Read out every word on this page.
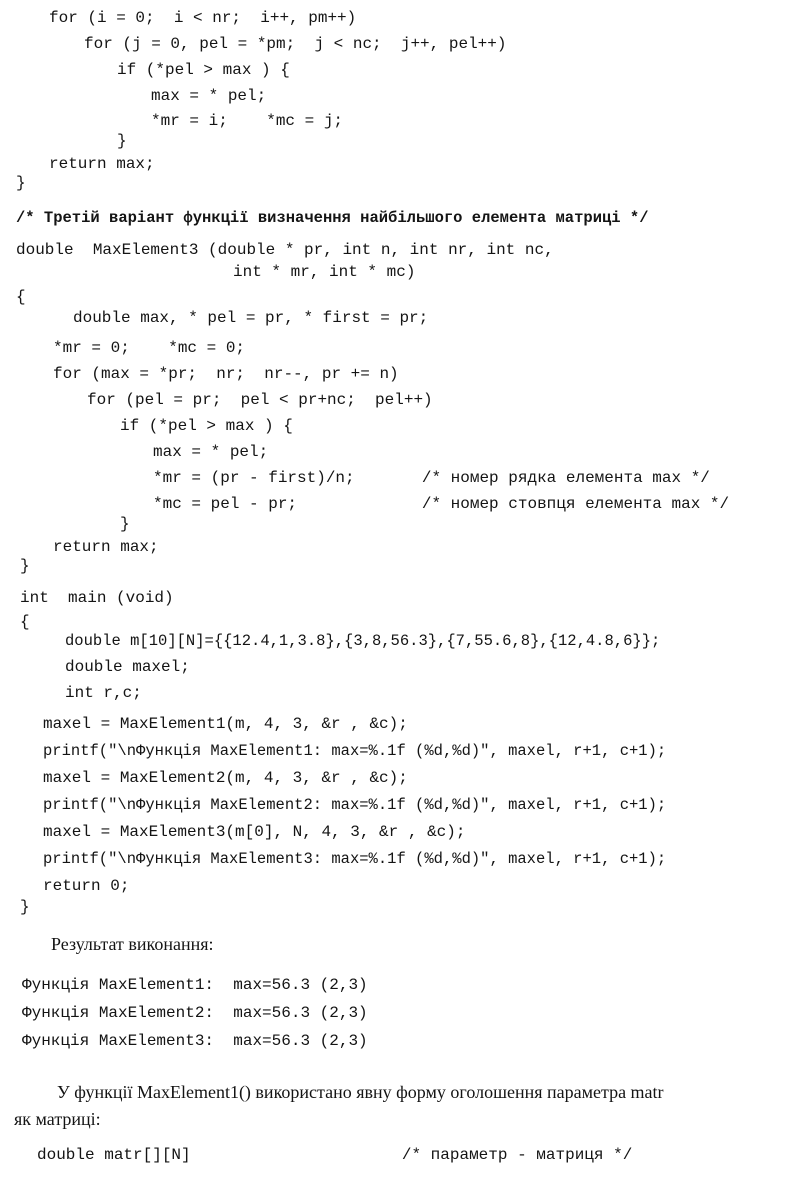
for (i = 0;  i < nr;  i++, pm++)
for (j = 0, pel = *pm;  j < nc;  j++, pel++)
if (*pel > max ) {
max = * pel;
*mr = i;    *mc = j;
}
return max;
}
/* Третій варіант функції визначення найбільшого елемента матриці */
double  MaxElement3 (double * pr, int n, int nr, int nc,
int * mr, int * mc)
{
double max, * pel = pr, * first = pr;
*mr = 0;    *mc = 0;
for (max = *pr;  nr;  nr--, pr += n)
for (pel = pr;  pel < pr+nc;  pel++)
if (*pel > max ) {
max = * pel;
*mr = (pr - first)/n;       /* номер рядка елемента max */
*mc = pel - pr;             /* номер стовпця елемента max */
}
return max;
}
int  main (void)
{
double m[10][N]={{12.4,1,3.8},{3,8,56.3},{7,55.6,8},{12,4.8,6}};
double maxel;
int r,c;
maxel = MaxElement1(m, 4, 3, &r , &c);
printf("\nФункція MaxElement1: max=%.1f (%d,%d)", maxel, r+1, c+1);
maxel = MaxElement2(m, 4, 3, &r , &c);
printf("\nФункція MaxElement2: max=%.1f (%d,%d)", maxel, r+1, c+1);
maxel = MaxElement3(m[0], N, 4, 3, &r , &c);
printf("\nФункція MaxElement3: max=%.1f (%d,%d)", maxel, r+1, c+1);
return 0;
}
Результат виконання:
Функція MaxElement1:  max=56.3 (2,3)
Функція MaxElement2:  max=56.3 (2,3)
Функція MaxElement3:  max=56.3 (2,3)
У функції MaxElement1() використано явну форму оголошення параметра matr
як матриці:
double matr[][N]                      /* параметр - матриця */
